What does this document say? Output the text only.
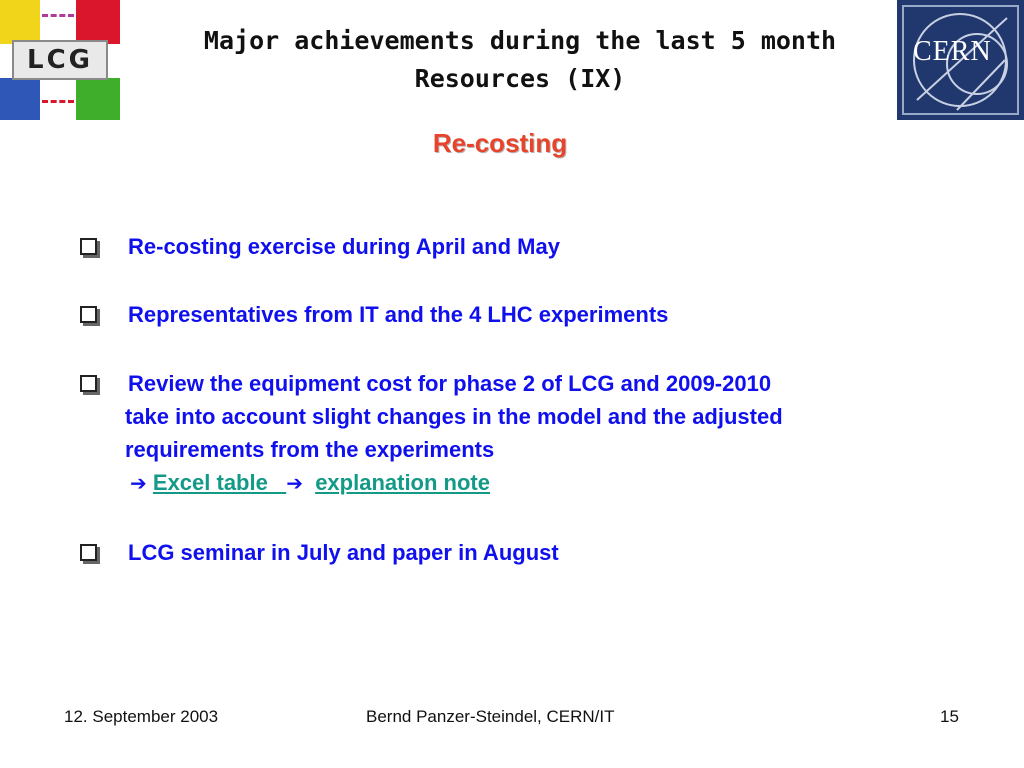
LCG	CERN
Major achievements during the last 5 month
Resources (IX)
Re-costing
Re-costing exercise during April and May
Representatives from IT and the 4 LHC experiments
Review the equipment cost for phase 2 of LCG and 2009-2010
take into account slight changes in the model and the adjusted
requirements from the experiments
➔ Excel table   ➔ explanation note
LCG seminar in July and paper in August
12. September 2003	Bernd Panzer-Steindel, CERN/IT	15
